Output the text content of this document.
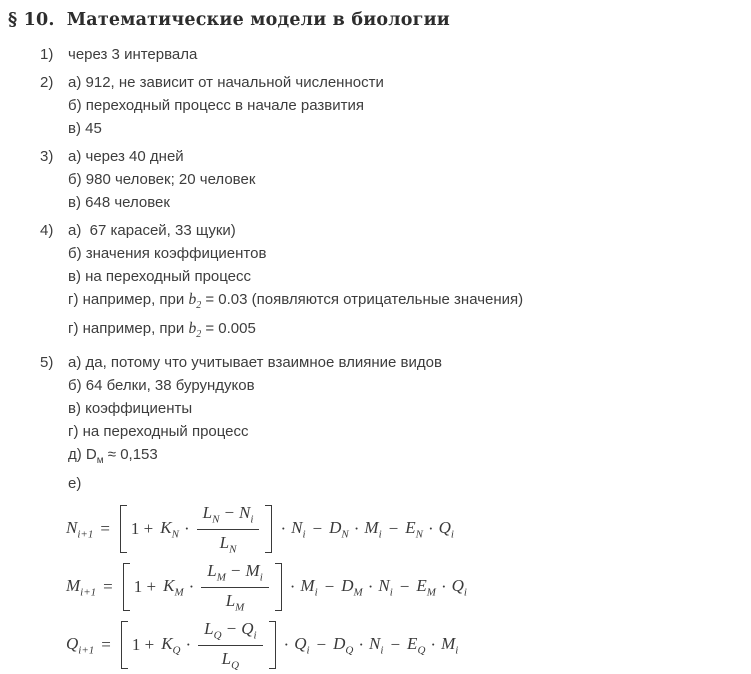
§ 10. Математические модели в биологии
1) через 3 интервала
2) а) 912, не зависит от начальной численности
б) переходный процесс в начале развития
в) 45
3) а) через 40 дней
б) 980 человек; 20 человек
в) 648 человек
4) а)  67 карасей, 33 щуки)
б) значения коэффициентов
в) на переходный процесс
г) например, при $b_2 = 0.03$ (появляются отрицательные значения)
г) например, при $b_2 = 0.005$
5) а) да, потому что учитывает взаимное влияние видов
б) 64 белки, 38 бурундуков
в) коэффициенты
г) на переходный процесс
д) $D_м \approx 0,153$
е)
$N_{i+1} = 1 + K_N \cdot \frac{L_N - N_i}{L_N} \cdot N_i - D_N \cdot M_i - E_N \cdot Q_i$
$M_{i+1} = 1 + K_M \cdot \frac{L_M - M_i}{L_M} \cdot M_i - D_M \cdot N_i - E_M \cdot Q_i$
$Q_{i+1} = 1 + K_Q \cdot \frac{L_Q - Q_i}{L_Q} \cdot Q_i - D_Q \cdot N_i - E_Q \cdot M_i$
